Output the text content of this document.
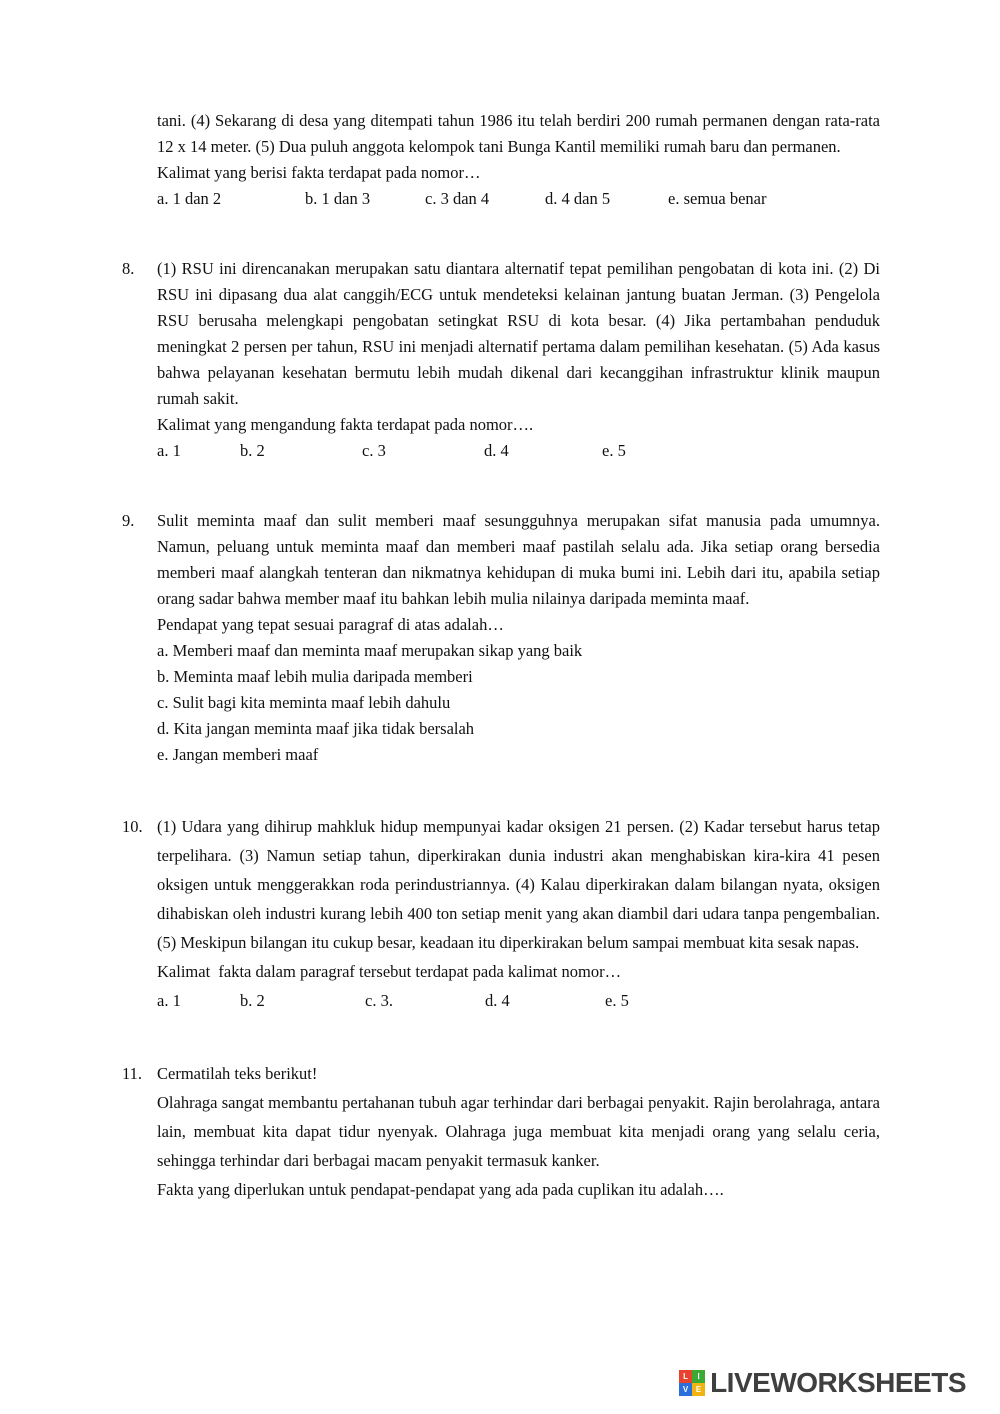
tani. (4) Sekarang di desa yang ditempati tahun 1986 itu telah berdiri 200 rumah permanen dengan rata-rata 12 x 14 meter. (5) Dua puluh anggota kelompok tani Bunga Kantil memiliki rumah baru dan permanen.
Kalimat yang berisi fakta terdapat pada nomor…
a. 1 dan 2	b. 1 dan 3	c. 3 dan 4	d. 4 dan 5	e. semua benar
8.	(1) RSU ini direncanakan merupakan satu diantara alternatif tepat pemilihan pengobatan di kota ini. (2) Di RSU ini dipasang dua alat canggih/ECG untuk mendeteksi kelainan jantung buatan Jerman. (3) Pengelola RSU berusaha melengkapi pengobatan setingkat RSU di kota besar. (4) Jika pertambahan penduduk meningkat 2 persen per tahun, RSU ini menjadi alternatif pertama dalam pemilihan kesehatan. (5) Ada kasus bahwa pelayanan kesehatan bermutu lebih mudah dikenal dari kecanggihan infrastruktur klinik maupun rumah sakit.
Kalimat yang mengandung fakta terdapat pada nomor….
a. 1	b. 2	c. 3	d. 4	e. 5
9.	Sulit meminta maaf dan sulit memberi maaf sesungguhnya merupakan sifat manusia pada umumnya. Namun, peluang untuk meminta maaf dan memberi maaf pastilah selalu ada. Jika setiap orang bersedia memberi maaf alangkah tenteran dan nikmatnya kehidupan di muka bumi ini. Lebih dari itu, apabila setiap orang sadar bahwa member maaf itu bahkan lebih mulia nilainya daripada meminta maaf.
Pendapat yang tepat sesuai paragraf di atas adalah…
a. Memberi maaf dan meminta maaf merupakan sikap yang baik
b. Meminta maaf lebih mulia daripada memberi
c. Sulit bagi kita meminta maaf lebih dahulu
d. Kita jangan meminta maaf jika tidak bersalah
e. Jangan memberi maaf
10. (1) Udara yang dihirup mahkluk hidup mempunyai kadar oksigen 21 persen. (2) Kadar tersebut harus tetap terpelihara. (3) Namun setiap tahun, diperkirakan dunia industri akan menghabiskan kira-kira 41 pesen oksigen untuk menggerakkan roda perindustriannya. (4) Kalau diperkirakan dalam bilangan nyata, oksigen dihabiskan oleh industri kurang lebih 400 ton setiap menit yang akan diambil dari udara tanpa pengembalian. (5) Meskipun bilangan itu cukup besar, keadaan itu diperkirakan belum sampai membuat kita sesak napas.
Kalimat  fakta dalam paragraf tersebut terdapat pada kalimat nomor…
a. 1	b. 2	c. 3.	d. 4	e. 5
11. Cermatilah teks berikut!
Olahraga sangat membantu pertahanan tubuh agar terhindar dari berbagai penyakit. Rajin berolahraga, antara lain, membuat kita dapat tidur nyenyak. Olahraga juga membuat kita menjadi orang yang selalu ceria, sehingga terhindar dari berbagai macam penyakit termasuk kanker.
Fakta yang diperlukan untuk pendapat-pendapat yang ada pada cuplikan itu adalah….
L	I
V E LIVEWORKSHEETS
